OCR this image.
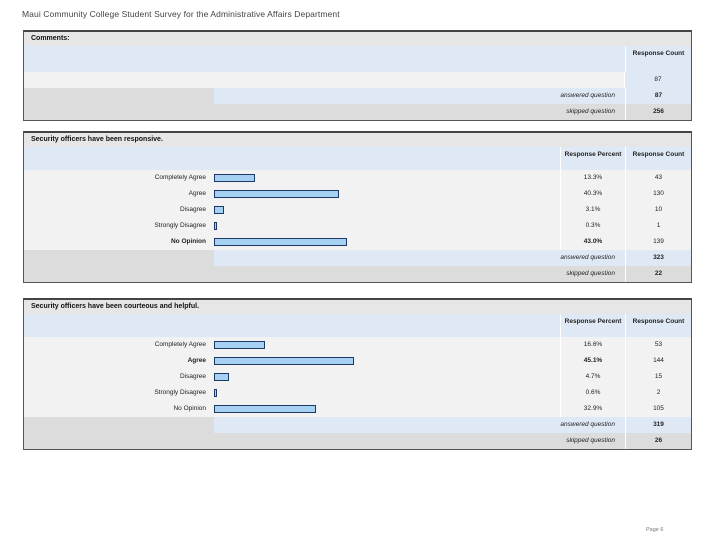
Maui Community College Student Survey for the Administrative Affairs Department
Comments:
Response Count
87
answered question	87
skipped question	256
Security officers have been responsive.
Response Percent	Response Count
Completely Agree	13.3%	43
Agree	40.3%	130
Disagree	3.1%	10
Strongly Disagree	0.3%	1
No Opinion	43.0%	139
answered question	323
skipped question	22
Security officers have been courteous and helpful.
Response Percent	Response Count
Completely Agree	16.6%	53
Agree	45.1%	144
Disagree	4.7%	15
Strongly Disagree	0.6%	2
No Opinion	32.9%	105
answered question	319
skipped question	26
Page 6
